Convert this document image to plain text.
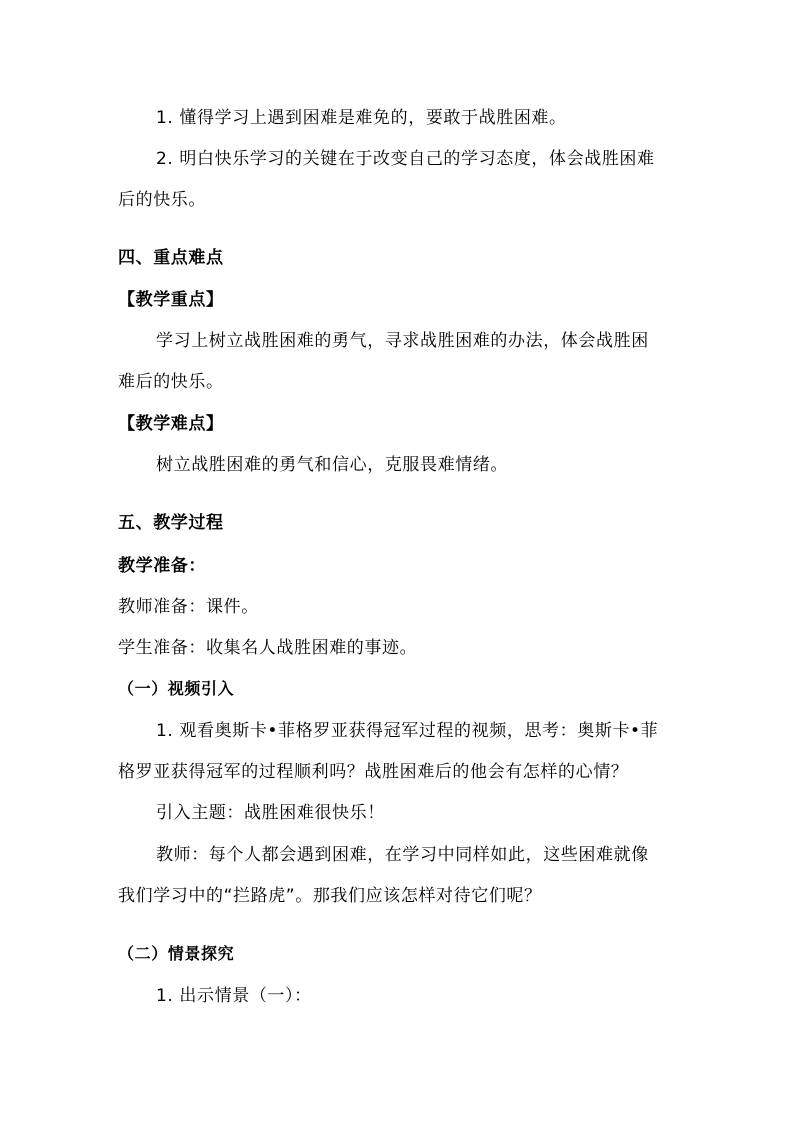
1. 懂得学习上遇到困难是难免的，要敢于战胜困难。
2. 明白快乐学习的关键在于改变自己的学习态度，体会战胜困难
后的快乐。
四、重点难点
【教学重点】
学习上树立战胜困难的勇气，寻求战胜困难的办法，体会战胜困
难后的快乐。
【教学难点】
树立战胜困难的勇气和信心，克服畏难情绪。
五、教学过程
教学准备：
教师准备：课件。
学生准备：收集名人战胜困难的事迹。
（一）视频引入
1. 观看奥斯卡•菲格罗亚获得冠军过程的视频，思考：奥斯卡•菲
格罗亚获得冠军的过程顺利吗？战胜困难后的他会有怎样的心情？
引入主题：战胜困难很快乐！
教师：每个人都会遇到困难，在学习中同样如此，这些困难就像
我们学习中的“拦路虎”。那我们应该怎样对待它们呢？
（二）情景探究
1. 出示情景（一）：
